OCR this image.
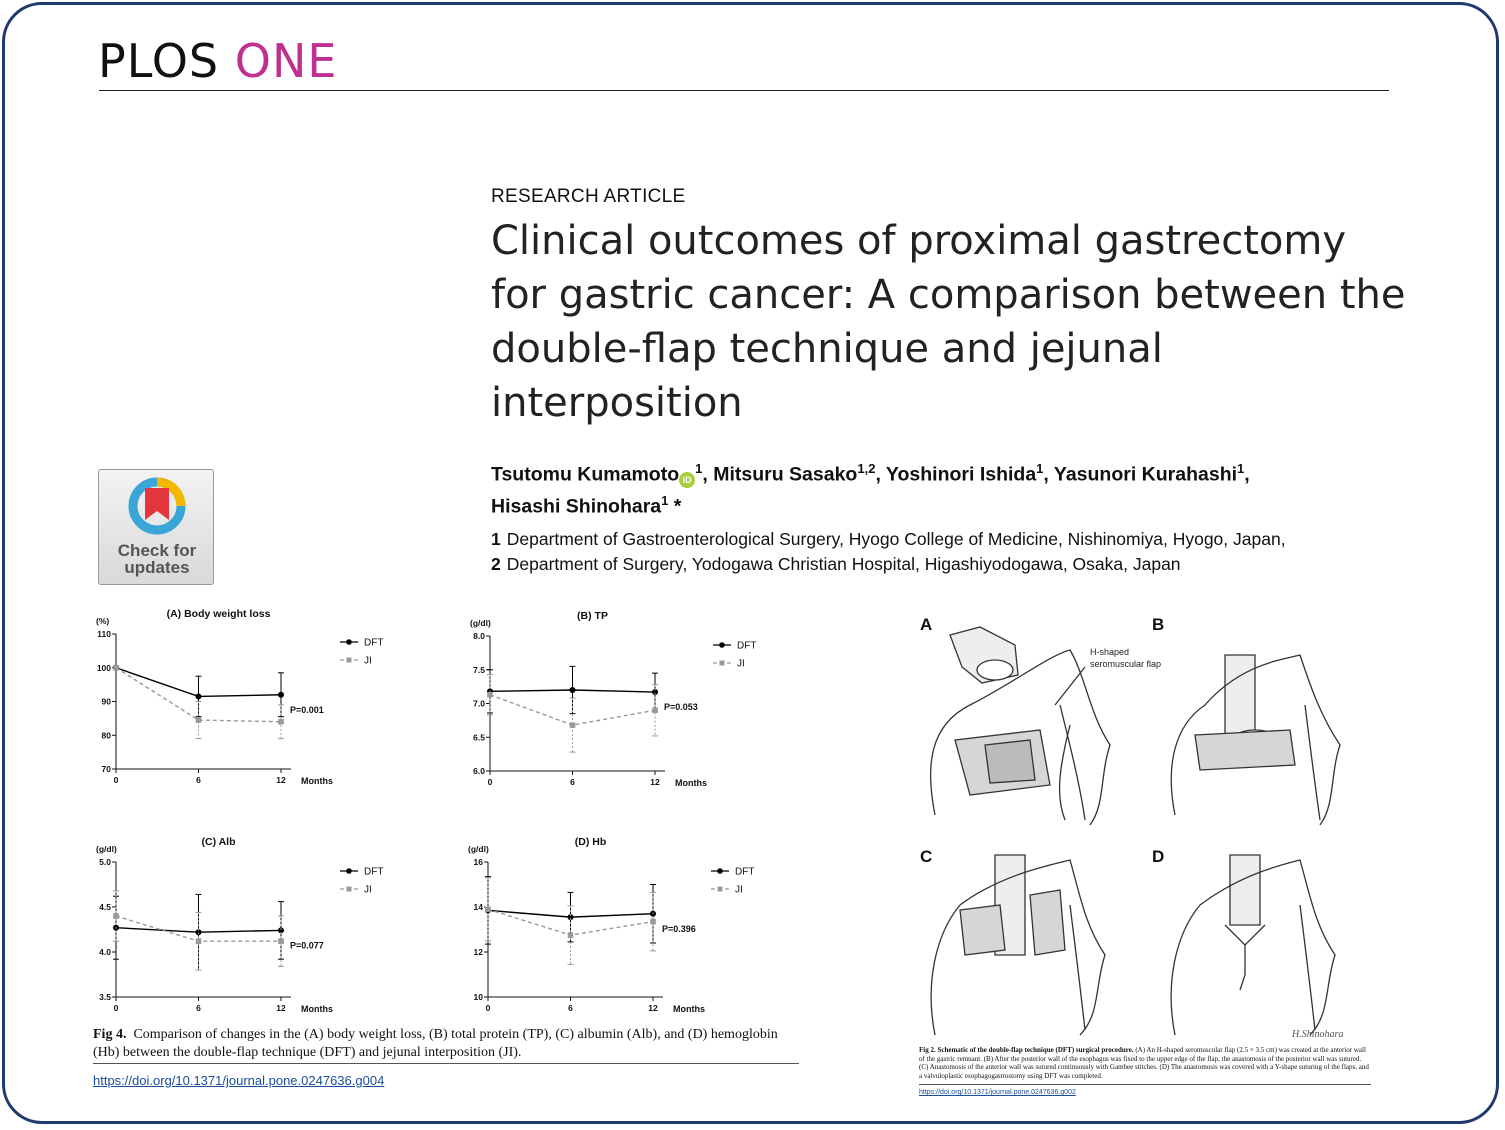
PLOS ONE
RESEARCH ARTICLE
Clinical outcomes of proximal gastrectomy for gastric cancer: A comparison between the double-flap technique and jejunal interposition
Tsutomu Kumamoto $iD^1$, Mitsuru Sasako$^{1,2}$, Yoshinori Ishida$^1$, Yasunori Kurahashi$^1$,
Hisashi Shinohara$^1$ *
1 Department of Gastroenterological Surgery, Hyogo College of Medicine, Nishinomiya, Hyogo, Japan,
2 Department of Surgery, Yodogawa Christian Hospital, Higashiyodogawa, Osaka, Japan
Check for
updates
(A) Body weight loss
(%)
70
80
90
100
110
0	6	12 Months
DFT
JI
P=0.001
(B) TP
(g/dl)
6.0
6.5
7.0
7.5
8.0
0	6	12 Months
DFT
JI
P=0.053
(C) Alb
(g/dl)
3.5
4.0
4.5
5.0
0	6	12 Months
DFT
JI
P=0.077
(D) Hb
(g/dl)
10
12
14
16
0	6	12 Months
DFT
JI
P=0.396
Fig 4. Comparison of changes in the (A) body weight loss, (B) total protein (TP), (C) albumin (Alb), and (D) hemoglobin (Hb) between the double-flap technique (DFT) and jejunal interposition (JI).
https://doi.org/10.1371/journal.pone.0247636.g004
A	B
C	D
H-shaped
seromuscular flap
H.Shinohara
Fig 2. Schematic of the double-flap technique (DFT) surgical procedure. (A) An H-shaped seromuscular flap (2.5 × 3.5 cm) was created at the anterior wall of the gastric remnant. (B) After the posterior wall of the esophagus was fixed to the upper edge of the flap, the anastomosis of the posterior wall was sutured. (C) Anastomosis of the anterior wall was sutured continuously with Gambee stitches. (D) The anastomosis was covered with a Y-shape suturing of the flaps, and a valvuloplastic esophagogastrostomy using DFT was completed.
https://doi.org/10.1371/journal.pone.0247636.g002
